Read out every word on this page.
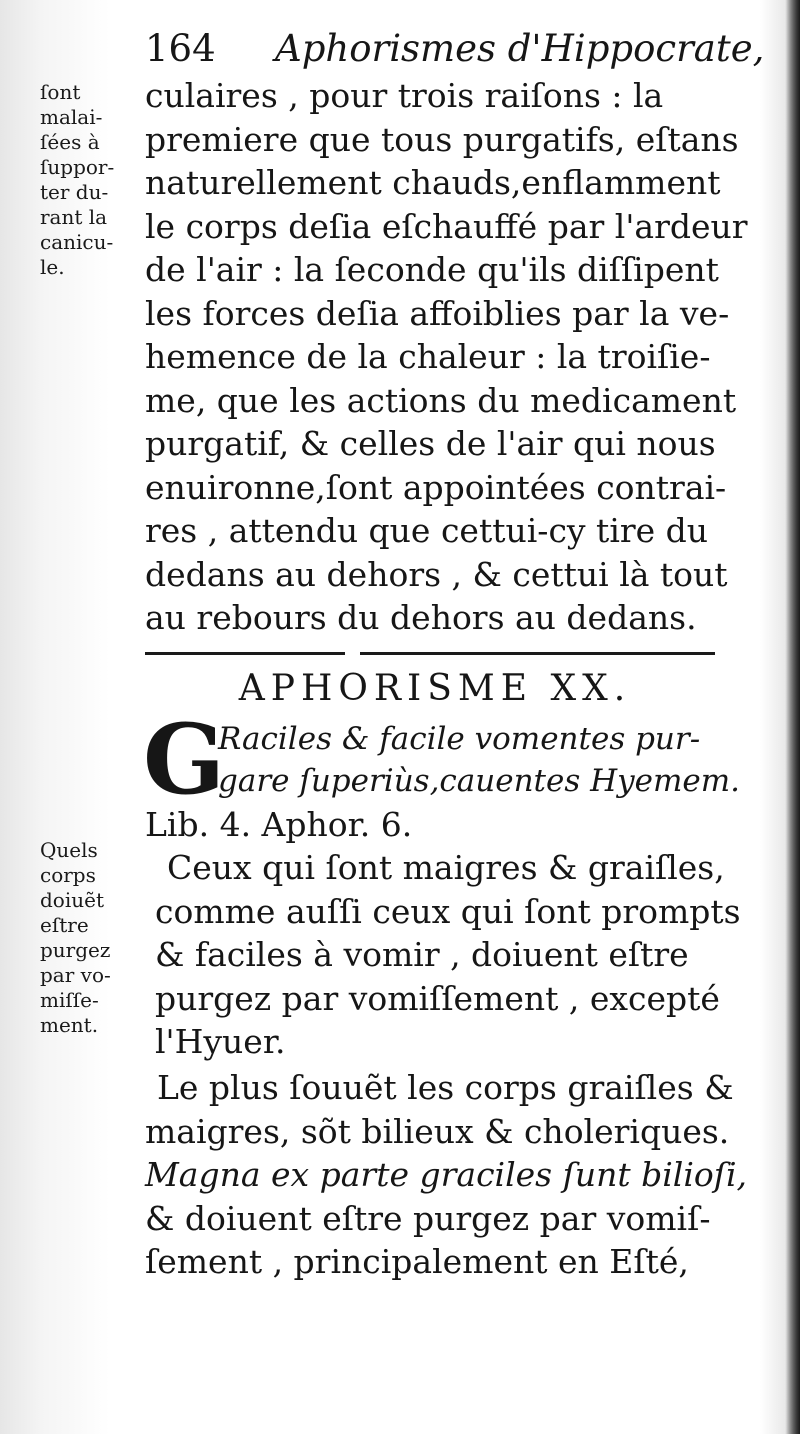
164 Aphorismes d'Hippocrate,
ſont
malai-
ſées à
ſuppor-
ter du-
rant la
canicu-
le.

culaires , pour trois raiſons : la
premiere que tous purgatifs, eſtans
naturellement chauds,enflamment
le corps deſia eſchauffé par l'ardeur
de l'air : la ſeconde qu'ils diſſipent
les forces deſia affoiblies par la ve-
hemence de la chaleur : la troiſie-
me, que les actions du medicament
purgatif, & celles de l'air qui nous
enuironne,ſont appointées contrai-
res , attendu que cettui-cy tire du
dedans au dehors , & cettui là tout
au rebours du dehors au dedans.
APHORISME XX.
G
Raciles & facile vomentes pur-
gare ſuperiùs,cauentes Hyemem.
Lib. 4. Aphor. 6.
Quels
corps
doiuẽt
eſtre
purgez
par vo-
miſſe-
ment.
Ceux qui ſont maigres & graiſles,
comme auſſi ceux qui ſont prompts
& faciles à vomir , doiuent eſtre
purgez par vomiſſement , excepté
l'Hyuer.
Le plus ſouuẽt les corps graiſles &
maigres, sõt bilieux & choleriques.
Magna ex parte graciles ſunt bilioſi,
& doiuent eſtre purgez par vomiſ-
ſement , principalement en Eſté,
